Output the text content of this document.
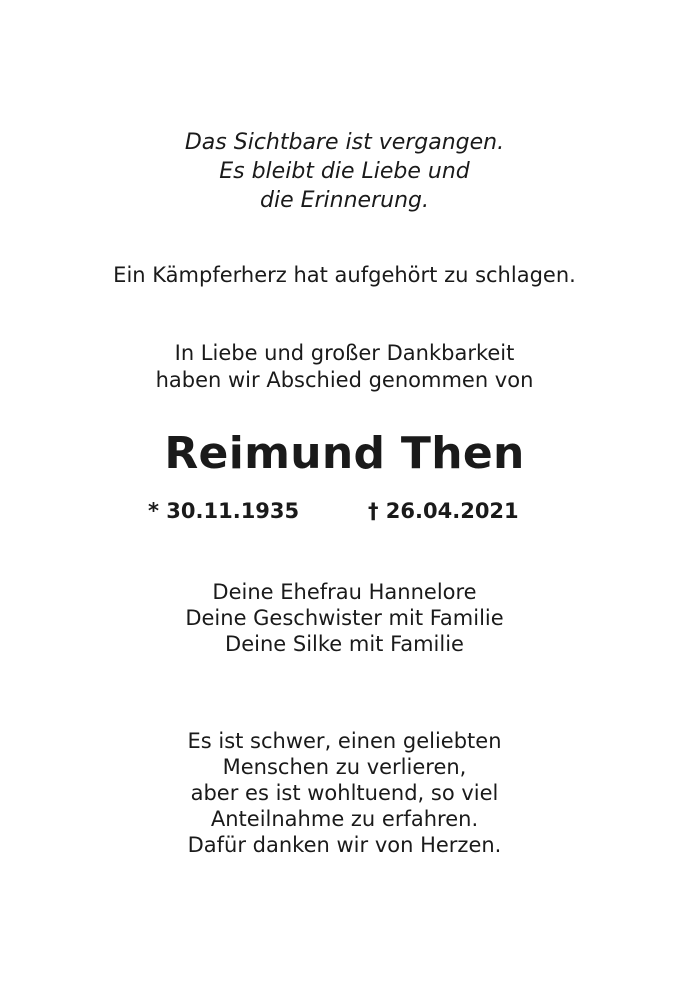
Das Sichtbare ist vergangen.
Es bleibt die Liebe und
die Erinnerung.
Ein Kämpferherz hat aufgehört zu schlagen.
In Liebe und großer Dankbarkeit
haben wir Abschied genommen von
Reimund Then
* 30.11.1935	† 26.04.2021
Deine Ehefrau Hannelore
Deine Geschwister mit Familie
Deine Silke mit Familie
Es ist schwer, einen geliebten
Menschen zu verlieren,
aber es ist wohltuend, so viel
Anteilnahme zu erfahren.
Dafür danken wir von Herzen.
